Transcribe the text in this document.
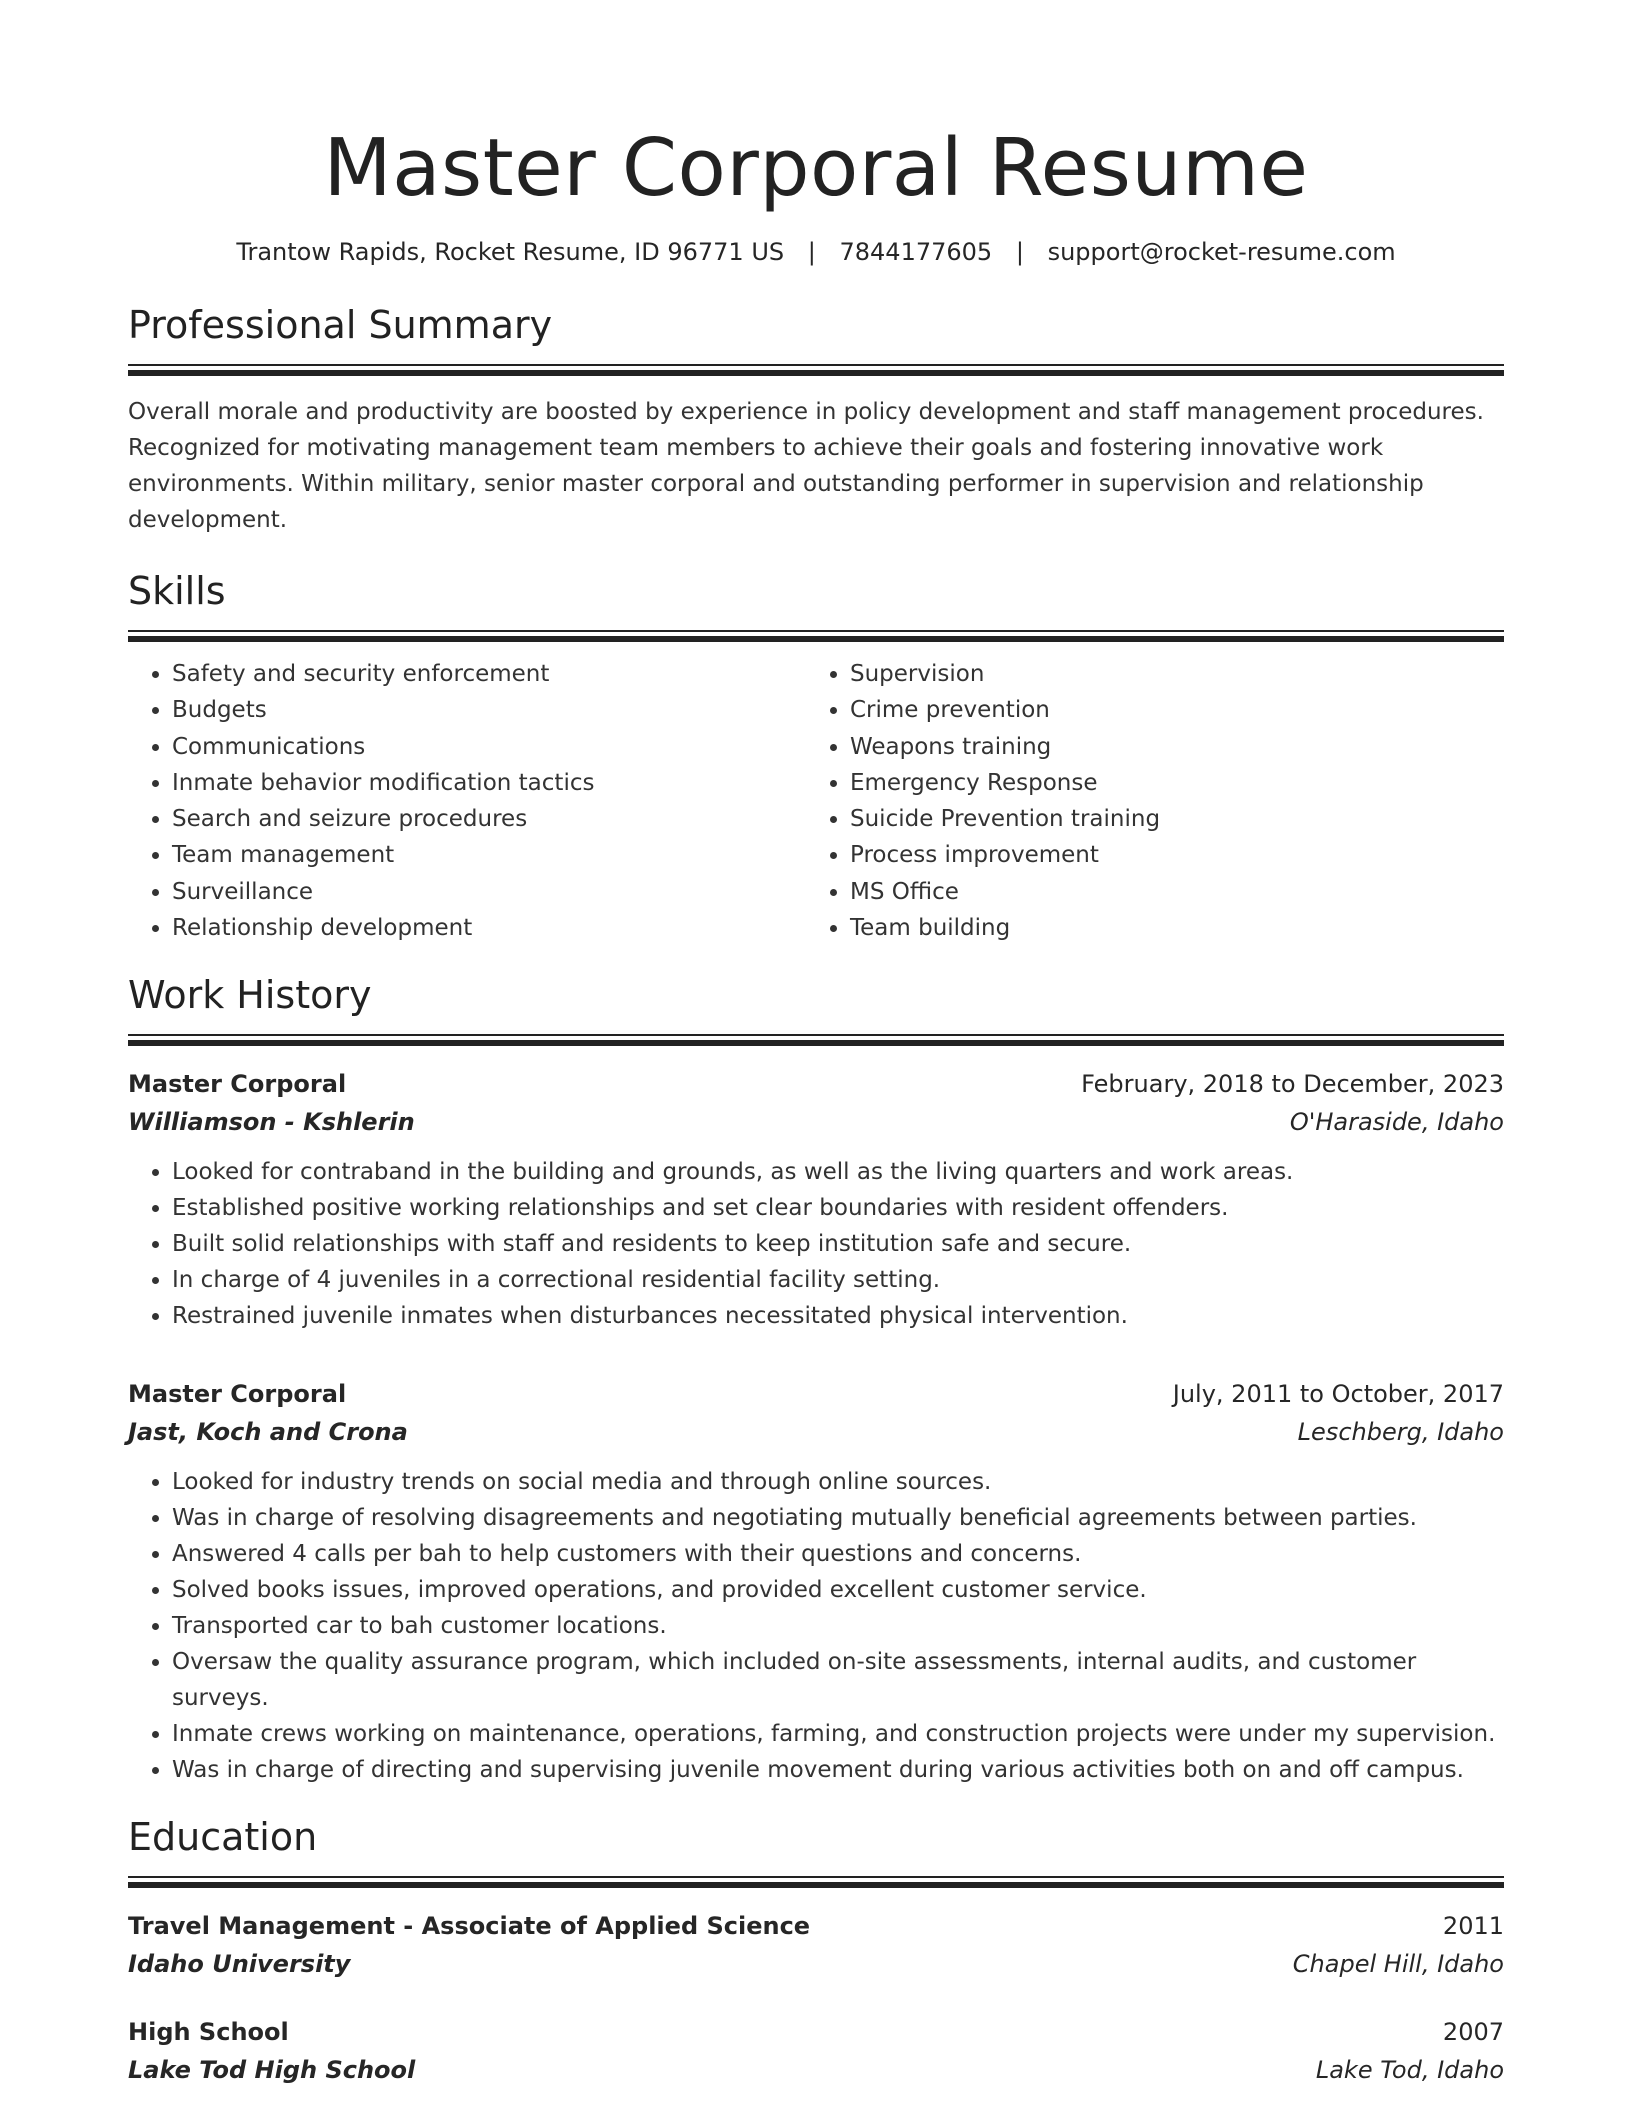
Master Corporal Resume
Trantow Rapids, Rocket Resume, ID 96771 US | 7844177605 | support@rocket-resume.com
Professional Summary

Overall morale and productivity are boosted by experience in policy development and staff management procedures. Recognized for motivating management team members to achieve their goals and fostering innovative work environments. Within military, senior master corporal and outstanding performer in supervision and relationship development.

Skills
• Safety and security enforcement
• Budgets
• Communications
• Inmate behavior modification tactics
• Search and seizure procedures
• Team management
• Surveillance
• Relationship development
• Supervision
• Crime prevention
• Weapons training
• Emergency Response
• Suicide Prevention training
• Process improvement
• MS Office
• Team building
Work History
Master Corporal	February, 2018 to December, 2023
Williamson - Kshlerin	O'Haraside, Idaho
• Looked for contraband in the building and grounds, as well as the living quarters and work areas.
• Established positive working relationships and set clear boundaries with resident offenders.
• Built solid relationships with staff and residents to keep institution safe and secure.
• In charge of 4 juveniles in a correctional residential facility setting.
• Restrained juvenile inmates when disturbances necessitated physical intervention.
Master Corporal	July, 2011 to October, 2017
Jast, Koch and Crona	Leschberg, Idaho
• Looked for industry trends on social media and through online sources.
• Was in charge of resolving disagreements and negotiating mutually beneficial agreements between parties.
• Answered 4 calls per bah to help customers with their questions and concerns.
• Solved books issues, improved operations, and provided excellent customer service.
• Transported car to bah customer locations.
• Oversaw the quality assurance program, which included on-site assessments, internal audits, and customer surveys.
• Inmate crews working on maintenance, operations, farming, and construction projects were under my supervision.
• Was in charge of directing and supervising juvenile movement during various activities both on and off campus.
Education
Travel Management - Associate of Applied Science	2011
Idaho University	Chapel Hill, Idaho
High School	2007
Lake Tod High School	Lake Tod, Idaho
